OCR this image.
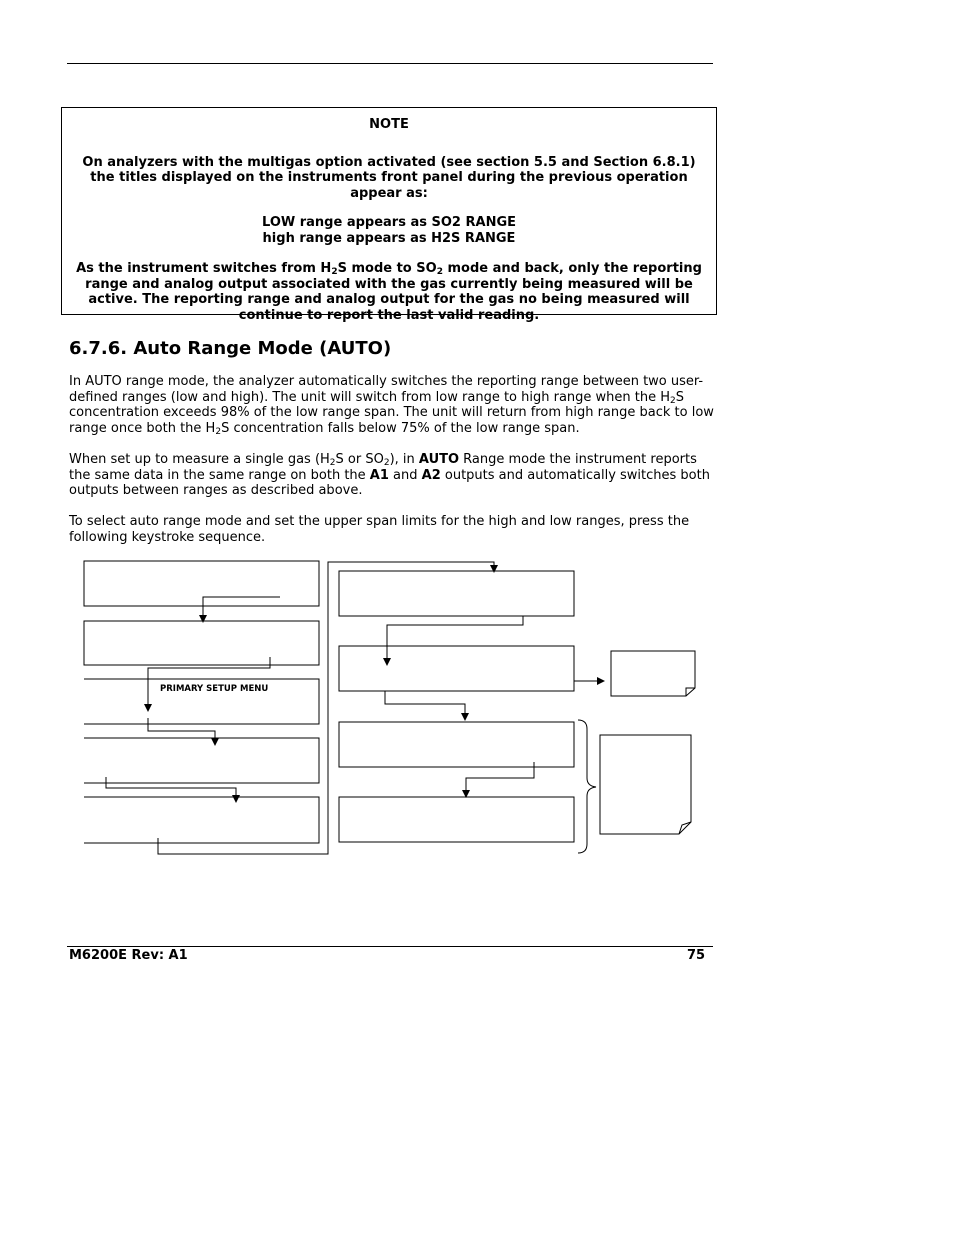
NOTE

On analyzers with the multigas option activated (see section 5.5 and Section 6.8.1) the titles displayed on the instruments front panel during the previous operation appear as:

LOW range appears as SO2 RANGE

high range appears as H2S RANGE

As the instrument switches from $H_2S$ mode to $SO_2$ mode and back, only the reporting range and analog output associated with the gas currently being measured will be active. The reporting range and analog output for the gas no being measured will continue to report the last valid reading.

6.7.6. Auto Range Mode (AUTO)

In AUTO range mode, the analyzer automatically switches the reporting range between two user-defined ranges (low and high). The unit will switch from low range to high range when the $H_2S$ concentration exceeds 98% of the low range span. The unit will return from high range back to low range once both the $H_2S$ concentration falls below 75% of the low range span.

When set up to measure a single gas ($H_2S$ or $SO_2$), in AUTO Range mode the instrument reports the same data in the same range on both the A1 and A2 outputs and automatically switches both outputs between ranges as described above.

To select auto range mode and set the upper span limits for the high and low ranges, press the following keystroke sequence.

PRIMARY SETUP MENU
M6200E Rev: A1	75
